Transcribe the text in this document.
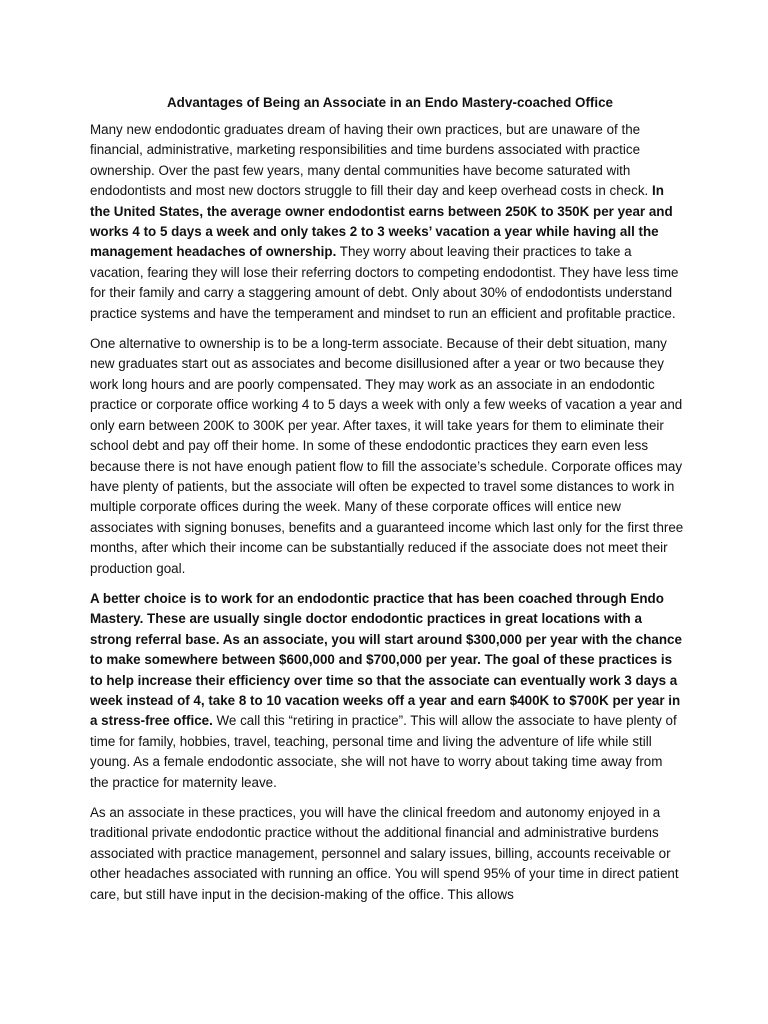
Advantages of Being an Associate in an Endo Mastery-coached Office

Many new endodontic graduates dream of having their own practices, but are unaware of the financial, administrative, marketing responsibilities and time burdens associated with practice ownership. Over the past few years, many dental communities have become saturated with endodontists and most new doctors struggle to fill their day and keep overhead costs in check. In the United States, the average owner endodontist earns between 250K to 350K per year and works 4 to 5 days a week and only takes 2 to 3 weeks’ vacation a year while having all the management headaches of ownership. They worry about leaving their practices to take a vacation, fearing they will lose their referring doctors to competing endodontist. They have less time for their family and carry a staggering amount of debt. Only about 30% of endodontists understand practice systems and have the temperament and mindset to run an efficient and profitable practice.

One alternative to ownership is to be a long-term associate. Because of their debt situation, many new graduates start out as associates and become disillusioned after a year or two because they work long hours and are poorly compensated. They may work as an associate in an endodontic practice or corporate office working 4 to 5 days a week with only a few weeks of vacation a year and only earn between 200K to 300K per year. After taxes, it will take years for them to eliminate their school debt and pay off their home. In some of these endodontic practices they earn even less because there is not have enough patient flow to fill the associate’s schedule. Corporate offices may have plenty of patients, but the associate will often be expected to travel some distances to work in multiple corporate offices during the week. Many of these corporate offices will entice new associates with signing bonuses, benefits and a guaranteed income which last only for the first three months, after which their income can be substantially reduced if the associate does not meet their production goal.

A better choice is to work for an endodontic practice that has been coached through Endo Mastery. These are usually single doctor endodontic practices in great locations with a strong referral base. As an associate, you will start around $300,000 per year with the chance to make somewhere between $600,000 and $700,000 per year. The goal of these practices is to help increase their efficiency over time so that the associate can eventually work 3 days a week instead of 4, take 8 to 10 vacation weeks off a year and earn $400K to $700K per year in a stress-free office. We call this “retiring in practice”. This will allow the associate to have plenty of time for family, hobbies, travel, teaching, personal time and living the adventure of life while still young. As a female endodontic associate, she will not have to worry about taking time away from the practice for maternity leave.

As an associate in these practices, you will have the clinical freedom and autonomy enjoyed in a traditional private endodontic practice without the additional financial and administrative burdens associated with practice management, personnel and salary issues, billing, accounts receivable or other headaches associated with running an office. You will spend 95% of your time in direct patient care, but still have input in the decision-making of the office. This allows
